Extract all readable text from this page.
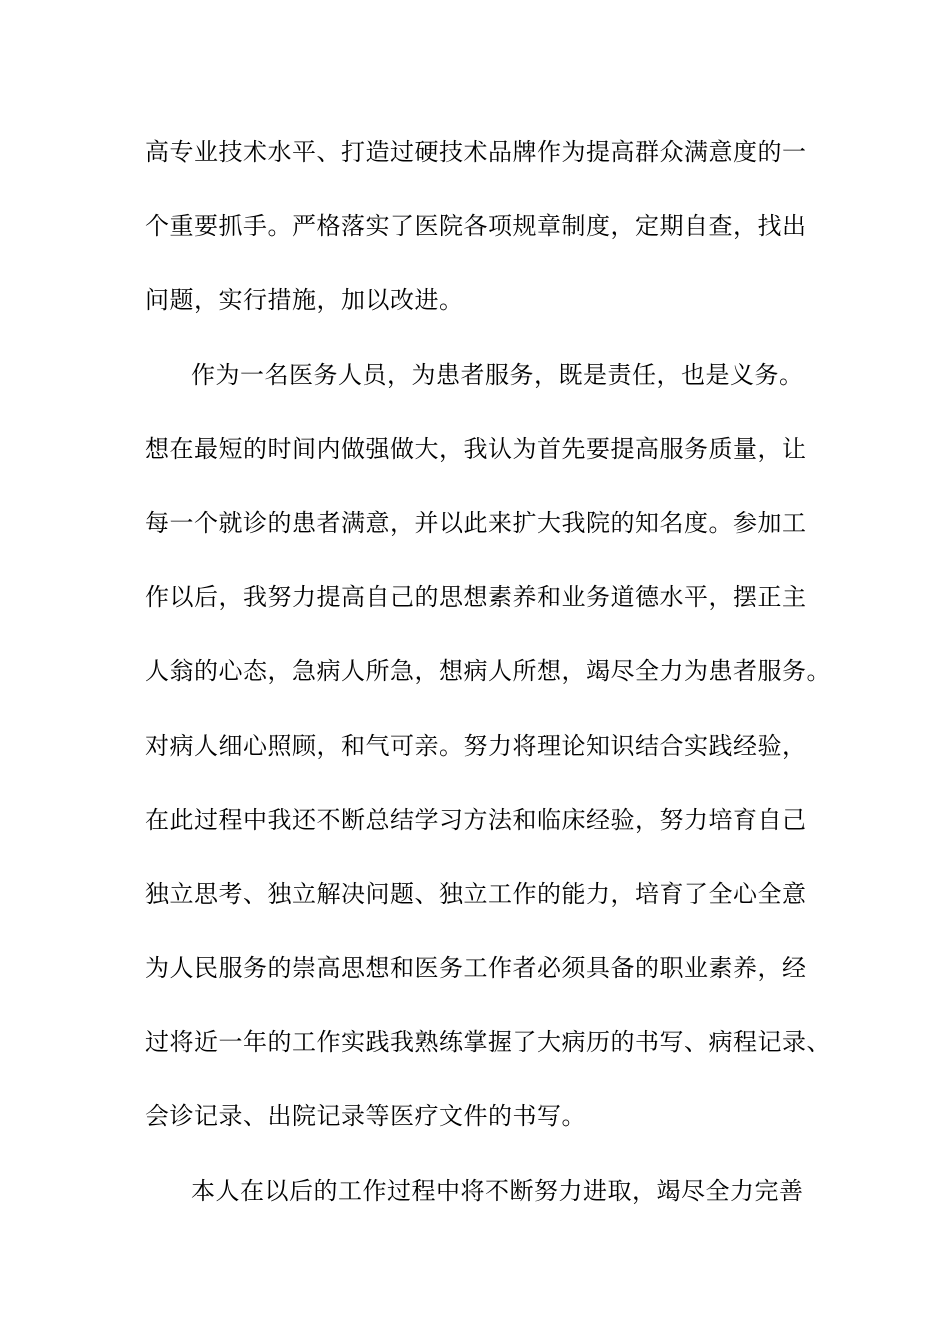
高专业技术水平、打造过硬技术品牌作为提高群众满意度的一
个重要抓手。严格落实了医院各项规章制度，定期自查，找出
问题，实行措施，加以改进。
作为一名医务人员，为患者服务，既是责任，也是义务。
想在最短的时间内做强做大，我认为首先要提高服务质量，让
每一个就诊的患者满意，并以此来扩大我院的知名度。参加工
作以后，我努力提高自己的思想素养和业务道德水平，摆正主
人翁的心态，急病人所急，想病人所想，竭尽全力为患者服务。
对病人细心照顾，和气可亲。努力将理论知识结合实践经验，
在此过程中我还不断总结学习方法和临床经验，努力培育自己
独立思考、独立解决问题、独立工作的能力，培育了全心全意
为人民服务的崇高思想和医务工作者必须具备的职业素养，经
过将近一年的工作实践我熟练掌握了大病历的书写、病程记录、
会诊记录、出院记录等医疗文件的书写。
本人在以后的工作过程中将不断努力进取，竭尽全力完善
